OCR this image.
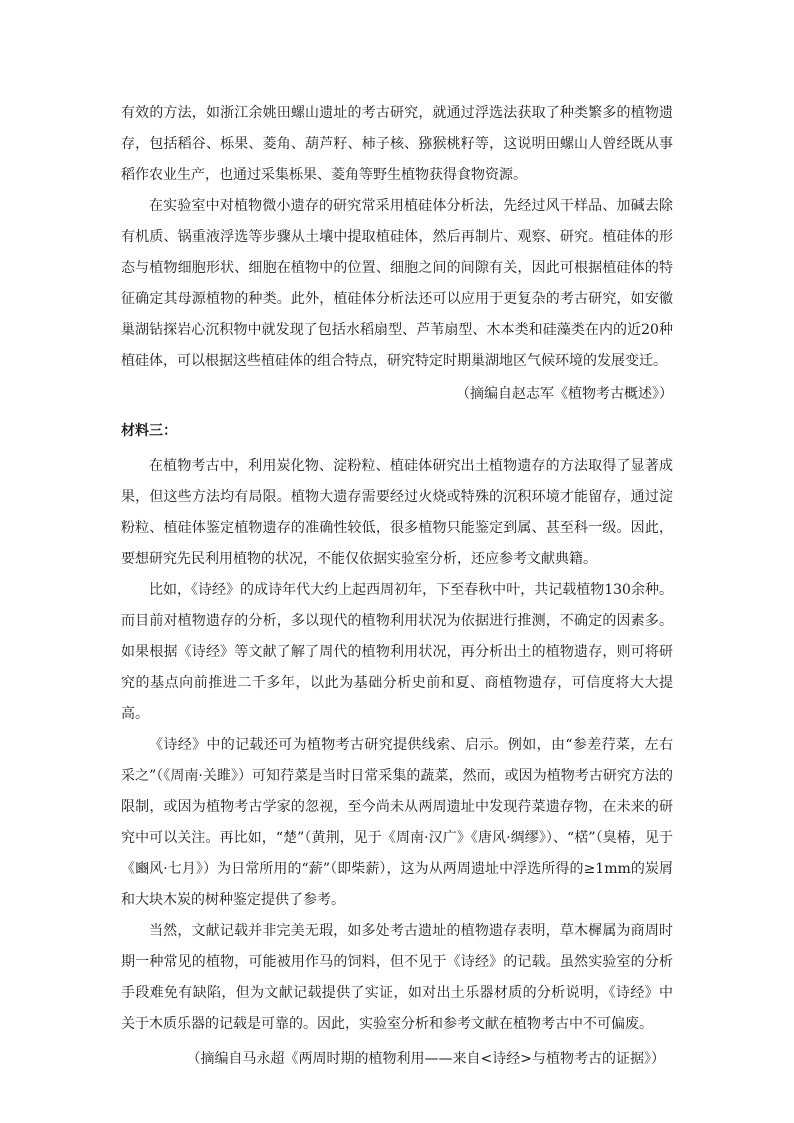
有效的方法，如浙江余姚田螺山遗址的考古研究，就通过浮选法获取了种类繁多的植物遗存，包括稻谷、栎果、菱角、葫芦籽、柿子核、猕猴桃籽等，这说明田螺山人曾经既从事稻作农业生产，也通过采集栎果、菱角等野生植物获得食物资源。

在实验室中对植物微小遗存的研究常采用植硅体分析法，先经过风干样品、加碱去除有机质、锅重液浮选等步骤从土壤中提取植硅体，然后再制片、观察、研究。植硅体的形态与植物细胞形状、细胞在植物中的位置、细胞之间的间隙有关，因此可根据植硅体的特征确定其母源植物的种类。此外，植硅体分析法还可以应用于更复杂的考古研究，如安徽巢湖钻探岩心沉积物中就发现了包括水稻扇型、芦苇扇型、木本类和硅藻类在内的近20种植硅体，可以根据这些植硅体的组合特点，研究特定时期巢湖地区气候环境的发展变迁。

（摘编自赵志军《植物考古概述》）
材料三：

在植物考古中，利用炭化物、淀粉粒、植硅体研究出土植物遗存的方法取得了显著成果，但这些方法均有局限。植物大遗存需要经过火烧或特殊的沉积环境才能留存，通过淀粉粒、植硅体鉴定植物遗存的准确性较低，很多植物只能鉴定到属、甚至科一级。因此，要想研究先民利用植物的状况，不能仅依据实验室分析，还应参考文献典籍。

比如，《诗经》的成诗年代大约上起西周初年，下至春秋中叶，共记载植物130余种。而目前对植物遗存的分析，多以现代的植物利用状况为依据进行推测，不确定的因素多。如果根据《诗经》等文献了解了周代的植物利用状况，再分析出土的植物遗存，则可将研究的基点向前推进二千多年，以此为基础分析史前和夏、商植物遗存，可信度将大大提高。

《诗经》中的记载还可为植物考古研究提供线索、启示。例如，由“参差荇菜，左右采之”（《周南·关雎》）可知荇菜是当时日常采集的蔬菜，然而，或因为植物考古研究方法的限制，或因为植物考古学家的忽视，至今尚未从两周遗址中发现荇菜遗存物，在未来的研究中可以关注。再比如，“楚”（黄荆，见于《周南·汉广》《唐风·绸缪》）、“楛”（臭椿，见于《豳风·七月》）为日常所用的“薪”（即柴薪），这为从两周遗址中浮选所得的≥1mm的炭屑和大块木炭的树种鉴定提供了参考。

当然，文献记载并非完美无瑕，如多处考古遗址的植物遗存表明，草木樨属为商周时期一种常见的植物，可能被用作马的饲料，但不见于《诗经》的记载。虽然实验室的分析手段难免有缺陷，但为文献记载提供了实证，如对出土乐器材质的分析说明，《诗经》中关于木质乐器的记载是可靠的。因此，实验室分析和参考文献在植物考古中不可偏废。

（摘编自马永超《两周时期的植物利用——来自<诗经>与植物考古的证据》）
